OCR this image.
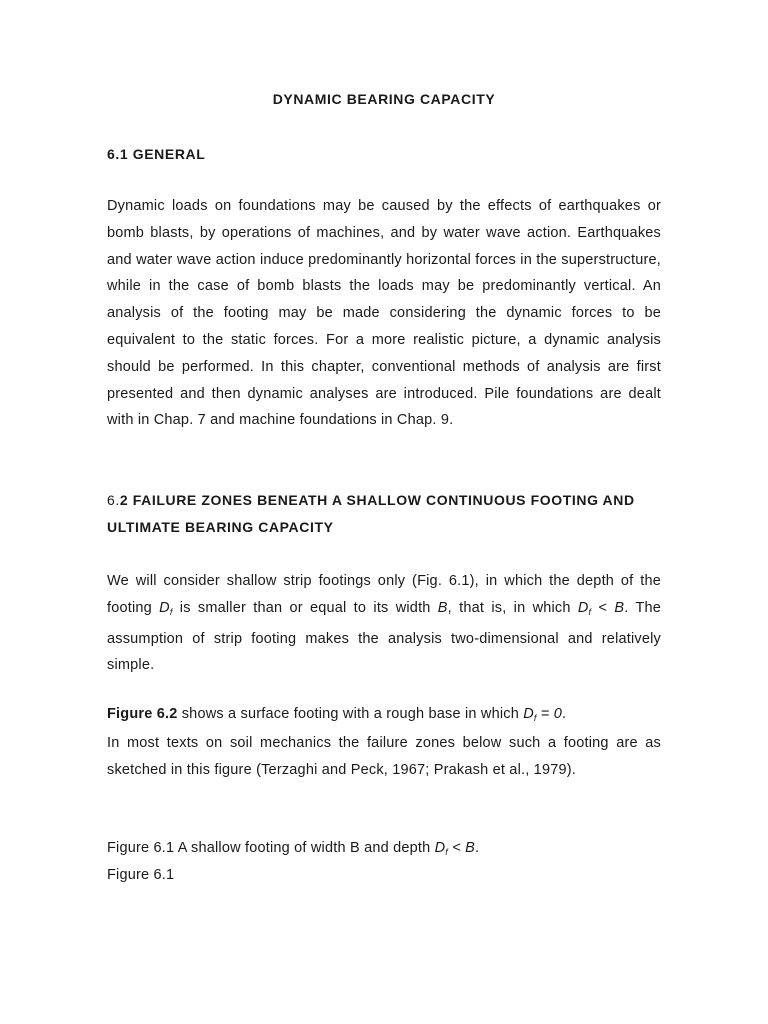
DYNAMIC BEARING CAPACITY
6.1 GENERAL
Dynamic loads on foundations may be caused by the effects of earthquakes or bomb blasts, by operations of machines, and by water wave action. Earthquakes and water wave action induce predominantly horizontal forces in the superstructure, while in the case of bomb blasts the loads may be predominantly vertical. An analysis of the footing may be made considering the dynamic forces to be equivalent to the static forces. For a more realistic picture, a dynamic analysis should be performed. In this chapter, conventional methods of analysis are first presented and then dynamic analyses are introduced. Pile foundations are dealt with in Chap. 7 and machine foundations in Chap. 9.
6.2 FAILURE ZONES BENEATH A SHALLOW CONTINUOUS FOOTING AND ULTIMATE BEARING CAPACITY
We will consider shallow strip footings only (Fig. 6.1), in which the depth of the footing $D_f$ is smaller than or equal to its width B, that is, in which $D_f < B$. The assumption of strip footing makes the analysis two-dimensional and relatively simple.
Figure 6.2 shows a surface footing with a rough base in which $D_f = 0$.
In most texts on soil mechanics the failure zones below such a footing are as sketched in this figure (Terzaghi and Peck, 1967; Prakash et al., 1979).
Figure 6.1 A shallow footing of width B and depth $D_f < B$.
Figure 6.1
